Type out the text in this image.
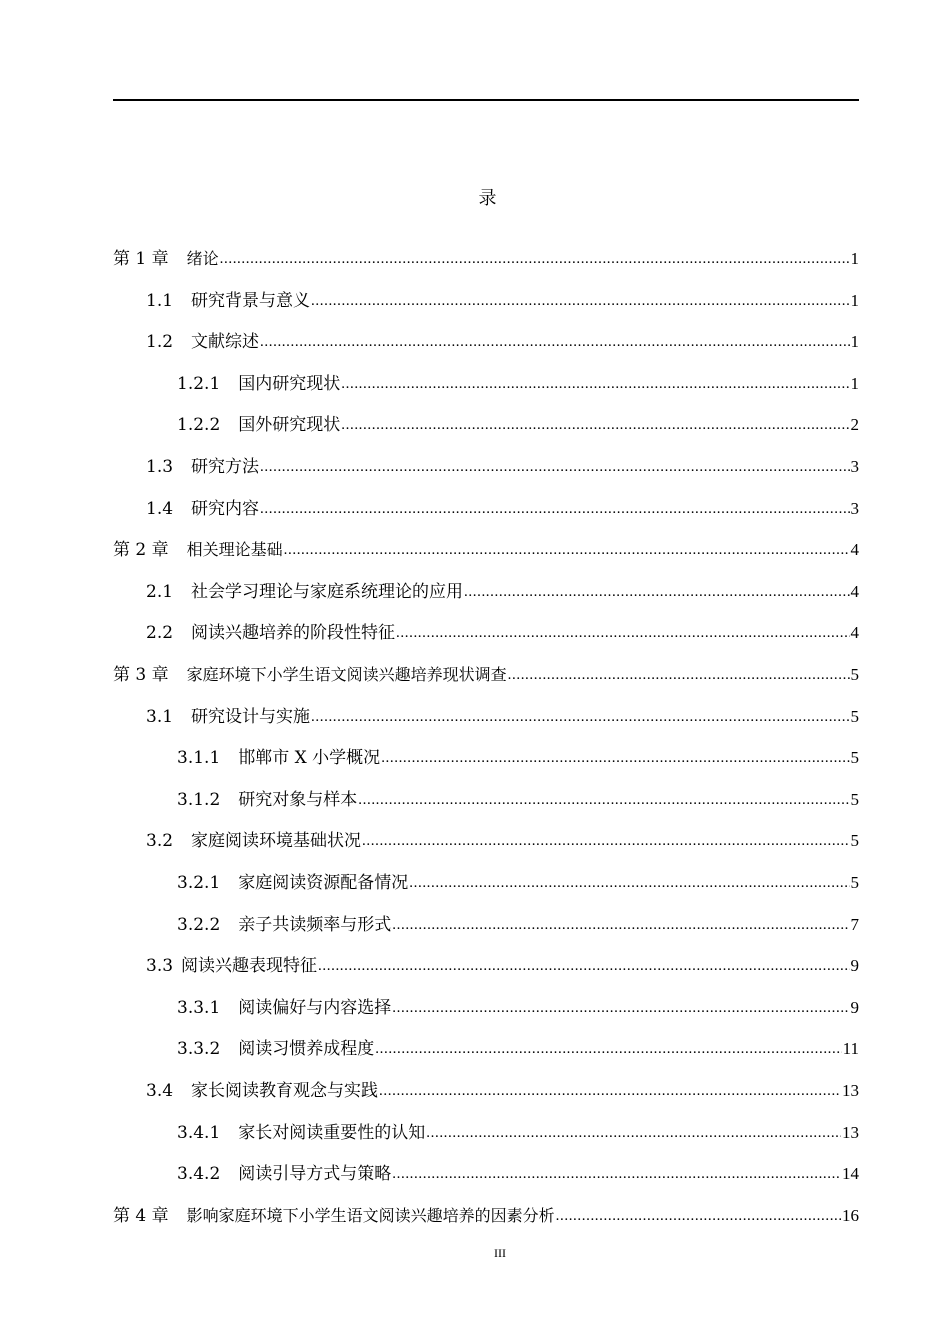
录
第 1 章 绪论 .....	1
1.1 研究背景与意义 .....	1
1.2 文献综述 .....	1
1.2.1 国内研究现状 .....	1
1.2.2 国外研究现状 .....	2
1.3 研究方法 .....	3
1.4 研究内容 .....	3
第 2 章 相关理论基础 .....	4
2.1 社会学习理论与家庭系统理论的应用 .....	4
2.2 阅读兴趣培养的阶段性特征 .....	4
第 3 章 家庭环境下小学生语文阅读兴趣培养现状调查 .....	5
3.1 研究设计与实施 .....	5
3.1.1 邯郸市 X 小学概况 .....	5
3.1.2 研究对象与样本 .....	5
3.2 家庭阅读环境基础状况 .....	5
3.2.1 家庭阅读资源配备情况 .....	5
3.2.2 亲子共读频率与形式 .....	7
3.3 阅读兴趣表现特征 .....	9
3.3.1 阅读偏好与内容选择 .....	9
3.3.2 阅读习惯养成程度 .....	11
3.4 家长阅读教育观念与实践 .....	13
3.4.1 家长对阅读重要性的认知 .....	13
3.4.2 阅读引导方式与策略 .....	14
第 4 章 影响家庭环境下小学生语文阅读兴趣培养的因素分析 .....	16
III
